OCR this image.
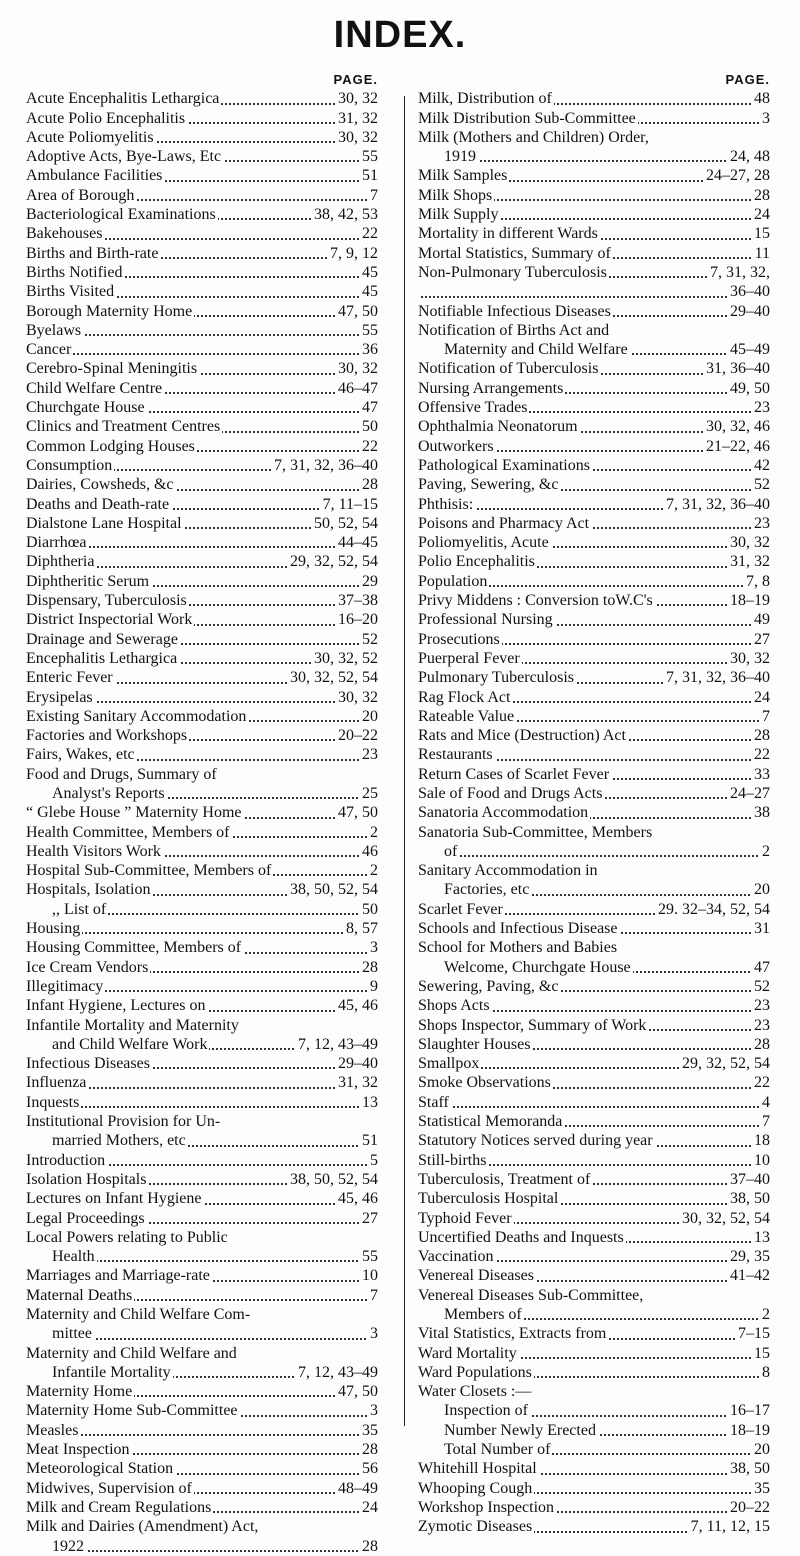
INDEX.
PAGE.
30, 32
Acute Encephalitis Lethargica
31, 32
Acute Polio Encephalitis
30, 32
Acute Poliomyelitis
55
Adoptive Acts, Bye-Laws, Etc
51
Ambulance Facilities
7
Area of Borough
38, 42, 53
Bacteriological Examinations
22
Bakehouses
7, 9, 12
Births and Birth-rate
45
Births Notified
45
Births Visited
47, 50
Borough Maternity Home
55
Byelaws
36
Cancer
30, 32
Cerebro-Spinal Meningitis
46–47
Child Welfare Centre
47
Churchgate House
50
Clinics and Treatment Centres
22
Common Lodging Houses
7, 31, 32, 36–40
Consumption
28
Dairies, Cowsheds, &c
7, 11–15
Deaths and Death-rate
50, 52, 54
Dialstone Lane Hospital
44–45
Diarrhœa
29, 32, 52, 54
Diphtheria
29
Diphtheritic Serum
37–38
Dispensary, Tuberculosis
16–20
District Inspectorial Work
52
Drainage and Sewerage
30, 32, 52
Encephalitis Lethargica
30, 32, 52, 54
Enteric Fever
30, 32
Erysipelas
20
Existing Sanitary Accommodation
20–22
Factories and Workshops
23
Fairs, Wakes, etc
Food and Drugs, Summary of
25
Analyst's Reports
47, 50
“ Glebe House ” Maternity Home
2
Health Committee, Members of
46
Health Visitors Work
2
Hospital Sub-Committee, Members of
38, 50, 52, 54
Hospitals, Isolation
50
,, List of
8, 57
Housing
3
Housing Committee, Members of
28
Ice Cream Vendors
9
Illegitimacy
45, 46
Infant Hygiene, Lectures on
Infantile Mortality and Maternity
7, 12, 43–49
and Child Welfare Work
29–40
Infectious Diseases
31, 32
Influenza
13
Inquests
Institutional Provision for Un-
51
married Mothers, etc
5
Introduction
38, 50, 52, 54
Isolation Hospitals
45, 46
Lectures on Infant Hygiene
27
Legal Proceedings
Local Powers relating to Public
55
Health
10
Marriages and Marriage-rate
7
Maternal Deaths
Maternity and Child Welfare Com-
3
mittee
Maternity and Child Welfare and
7, 12, 43–49
Infantile Mortality
47, 50
Maternity Home
3
Maternity Home Sub-Committee
35
Measles
28
Meat Inspection
56
Meteorological Station
48–49
Midwives, Supervision of
24
Milk and Cream Regulations
Milk and Dairies (Amendment) Act,
28
1922
PAGE.
48
Milk, Distribution of
3
Milk Distribution Sub-Committee
Milk (Mothers and Children) Order,
24, 48
1919
24–27, 28
Milk Samples
28
Milk Shops
24
Milk Supply
15
Mortality in different Wards
11
Mortal Statistics, Summary of
7, 31, 32,
Non-Pulmonary Tuberculosis
36–40
29–40
Notifiable Infectious Diseases
Notification of Births Act and
45–49
Maternity and Child Welfare
31, 36–40
Notification of Tuberculosis
49, 50
Nursing Arrangements
23
Offensive Trades
30, 32, 46
Ophthalmia Neonatorum
21–22, 46
Outworkers
42
Pathological Examinations
52
Paving, Sewering, &c
7, 31, 32, 36–40
Phthisis:
23
Poisons and Pharmacy Act
30, 32
Poliomyelitis, Acute
31, 32
Polio Encephalitis
7, 8
Population
18–19
Privy Middens : Conversion toW.C's
49
Professional Nursing
27
Prosecutions
30, 32
Puerperal Fever
7, 31, 32, 36–40
Pulmonary Tuberculosis
24
Rag Flock Act
7
Rateable Value
28
Rats and Mice (Destruction) Act
22
Restaurants
33
Return Cases of Scarlet Fever
24–27
Sale of Food and Drugs Acts
38
Sanatoria Accommodation
Sanatoria Sub-Committee, Members
2
of
Sanitary Accommodation in
20
Factories, etc
29. 32–34, 52, 54
Scarlet Fever
31
Schools and Infectious Disease
School for Mothers and Babies
47
Welcome, Churchgate House
52
Sewering, Paving, &c
23
Shops Acts
23
Shops Inspector, Summary of Work
28
Slaughter Houses
29, 32, 52, 54
Smallpox
22
Smoke Observations
4
Staff
7
Statistical Memoranda
18
Statutory Notices served during year
10
Still-births
37–40
Tuberculosis, Treatment of
38, 50
Tuberculosis Hospital
30, 32, 52, 54
Typhoid Fever
13
Uncertified Deaths and Inquests
29, 35
Vaccination
41–42
Venereal Diseases
Venereal Diseases Sub-Committee,
2
Members of
7–15
Vital Statistics, Extracts from
15
Ward Mortality
8
Ward Populations
Water Closets :—
16–17
Inspection of
18–19
Number Newly Erected
20
Total Number of
38, 50
Whitehill Hospital
35
Whooping Cough
20–22
Workshop Inspection
7, 11, 12, 15
Zymotic Diseases
